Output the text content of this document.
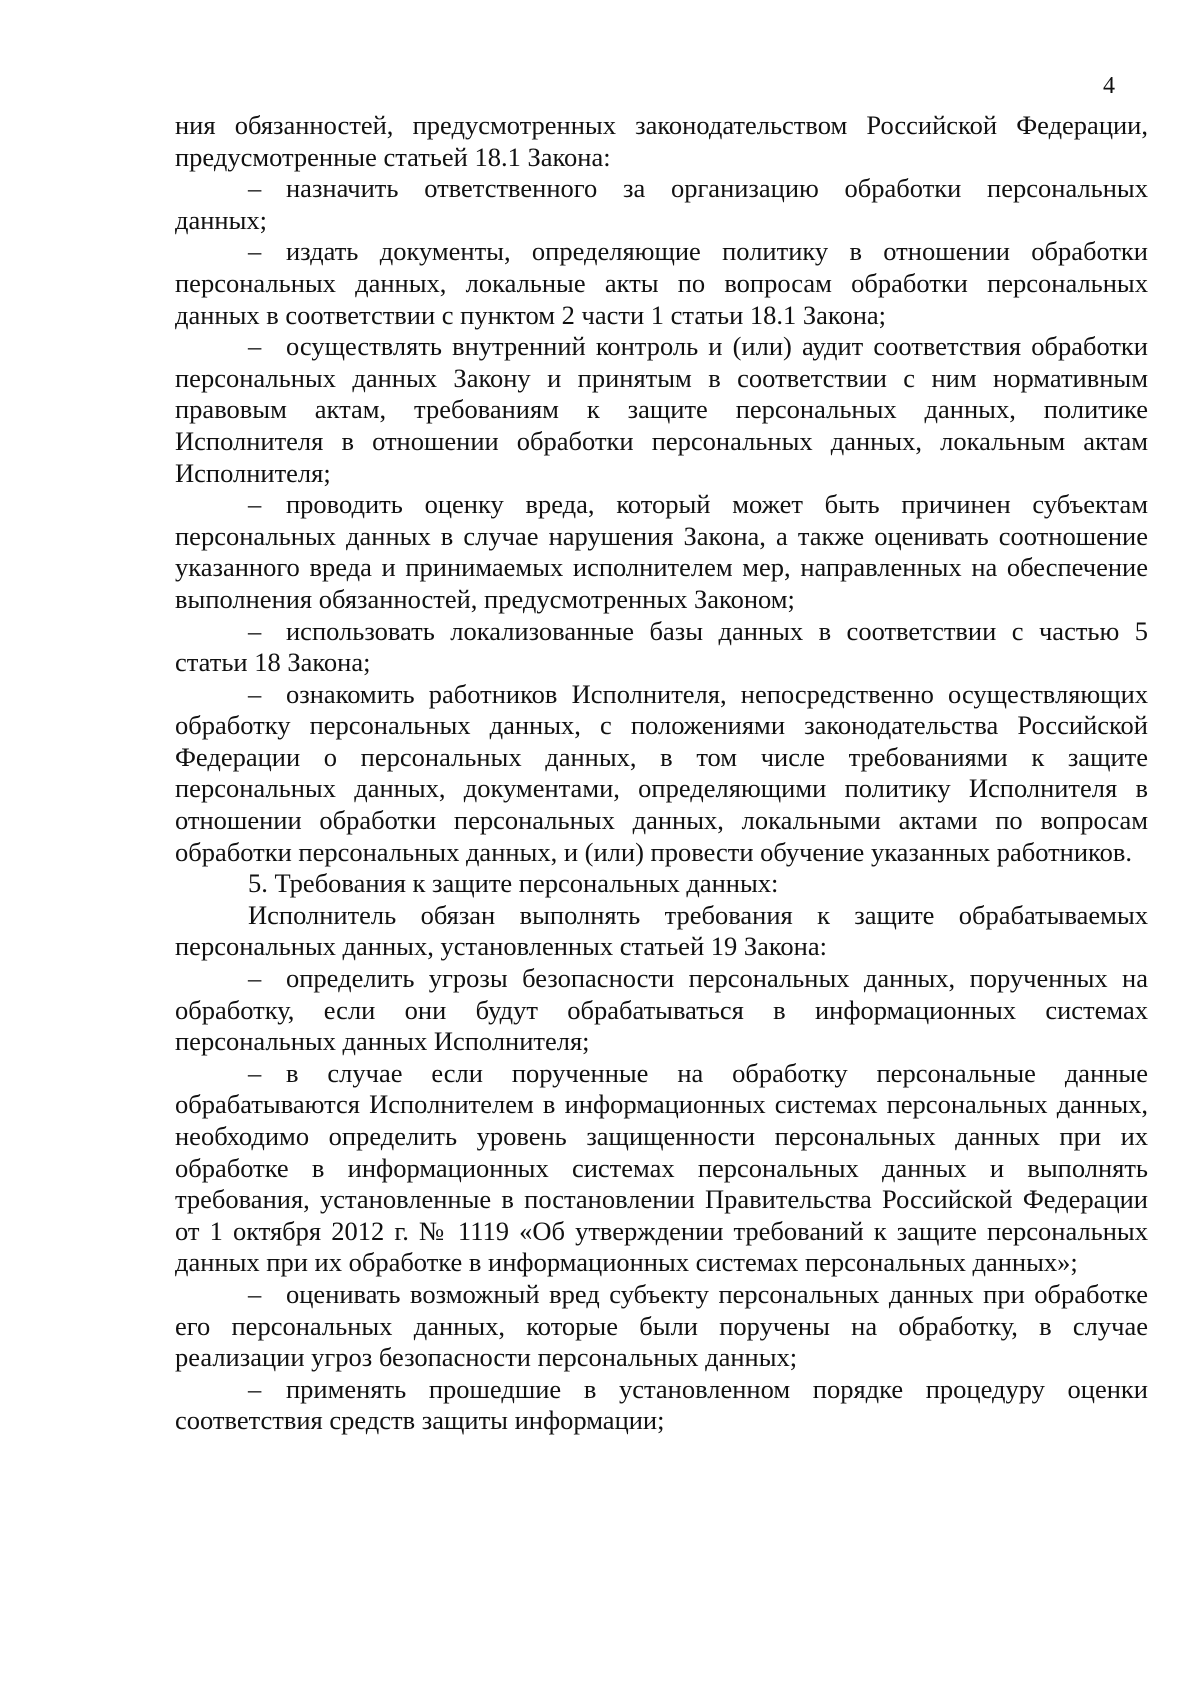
4

ния обязанностей, предусмотренных законодательством Российской Федерации, предусмотренные статьей 18.1 Закона:

– назначить ответственного за организацию обработки персональных данных;

– издать документы, определяющие политику в отношении обработки персональных данных, локальные акты по вопросам обработки персональных данных в соответствии с пунктом 2 части 1 статьи 18.1 Закона;

– осуществлять внутренний контроль и (или) аудит соответствия обработки персональных данных Закону и принятым в соответствии с ним нормативным правовым актам, требованиям к защите персональных данных, политике Исполнителя в отношении обработки персональных данных, локальным актам Исполнителя;

– проводить оценку вреда, который может быть причинен субъектам персональных данных в случае нарушения Закона, а также оценивать соотношение указанного вреда и принимаемых исполнителем мер, направленных на обеспечение выполнения обязанностей, предусмотренных Законом;

– использовать локализованные базы данных в соответствии с частью 5 статьи 18 Закона;

– ознакомить работников Исполнителя, непосредственно осуществляющих обработку персональных данных, с положениями законодательства Российской Федерации о персональных данных, в том числе требованиями к защите персональных данных, документами, определяющими политику Исполнителя в отношении обработки персональных данных, локальными актами по вопросам обработки персональных данных, и (или) провести обучение указанных работников.

5. Требования к защите персональных данных:

Исполнитель обязан выполнять требования к защите обрабатываемых персональных данных, установленных статьей 19 Закона:

– определить угрозы безопасности персональных данных, порученных на обработку, если они будут обрабатываться в информационных системах персональных данных Исполнителя;

– в случае если порученные на обработку персональные данные обрабатываются Исполнителем в информационных системах персональных данных, необходимо определить уровень защищенности персональных данных при их обработке в информационных системах персональных данных и выполнять требования, установленные в постановлении Правительства Российской Федерации от 1 октября 2012 г. № 1119 «Об утверждении требований к защите персональных данных при их обработке в информационных системах персональных данных»;

– оценивать возможный вред субъекту персональных данных при обработке его персональных данных, которые были поручены на обработку, в случае реализации угроз безопасности персональных данных;

– применять прошедшие в установленном порядке процедуру оценки соответствия средств защиты информации;
